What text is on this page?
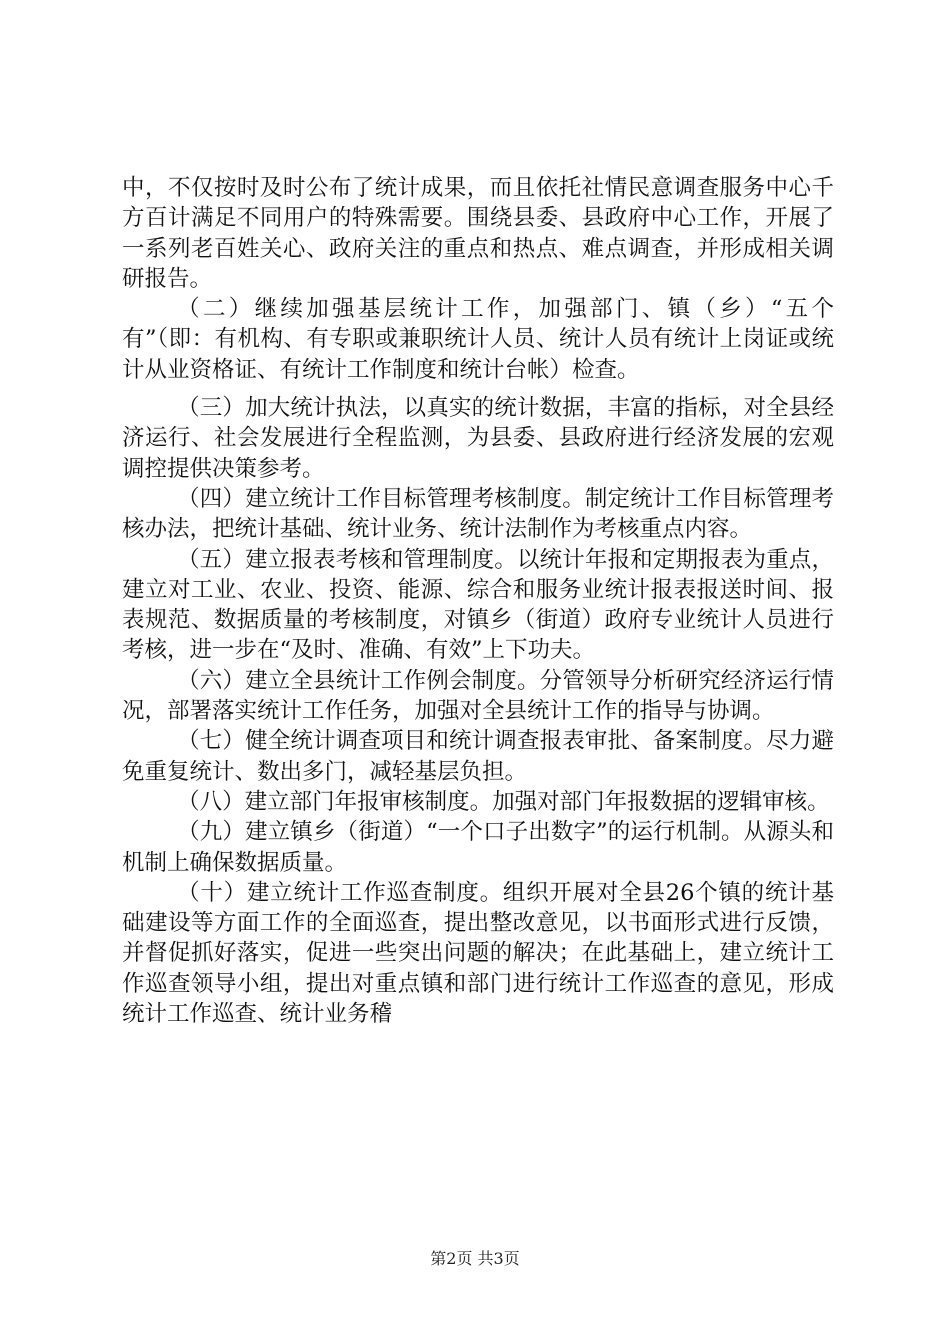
中，不仅按时及时公布了统计成果，而且依托社情民意调查服务中心千方百计满足不同用户的特殊需要。围绕县委、县政府中心工作，开展了一系列老百姓关心、政府关注的重点和热点、难点调查，并形成相关调研报告。

（二）继续加强基层统计工作，加强部门、镇（乡）“五个有”（即：有机构、有专职或兼职统计人员、统计人员有统计上岗证或统计从业资格证、有统计工作制度和统计台帐）检查。

（三）加大统计执法，以真实的统计数据，丰富的指标，对全县经济运行、社会发展进行全程监测，为县委、县政府进行经济发展的宏观调控提供决策参考。

（四）建立统计工作目标管理考核制度。制定统计工作目标管理考核办法，把统计基础、统计业务、统计法制作为考核重点内容。

（五）建立报表考核和管理制度。以统计年报和定期报表为重点，建立对工业、农业、投资、能源、综合和服务业统计报表报送时间、报表规范、数据质量的考核制度，对镇乡（街道）政府专业统计人员进行考核，进一步在“及时、准确、有效”上下功夫。

（六）建立全县统计工作例会制度。分管领导分析研究经济运行情况，部署落实统计工作任务，加强对全县统计工作的指导与协调。

（七）健全统计调查项目和统计调查报表审批、备案制度。尽力避免重复统计、数出多门，减轻基层负担。

（八）建立部门年报审核制度。加强对部门年报数据的逻辑审核。

（九）建立镇乡（街道）“一个口子出数字”的运行机制。从源头和机制上确保数据质量。

（十）建立统计工作巡查制度。组织开展对全县26个镇的统计基础建设等方面工作的全面巡查，提出整改意见，以书面形式进行反馈，并督促抓好落实，促进一些突出问题的解决；在此基础上，建立统计工作巡查领导小组，提出对重点镇和部门进行统计工作巡查的意见，形成统计工作巡查、统计业务稽

第2页 共3页
